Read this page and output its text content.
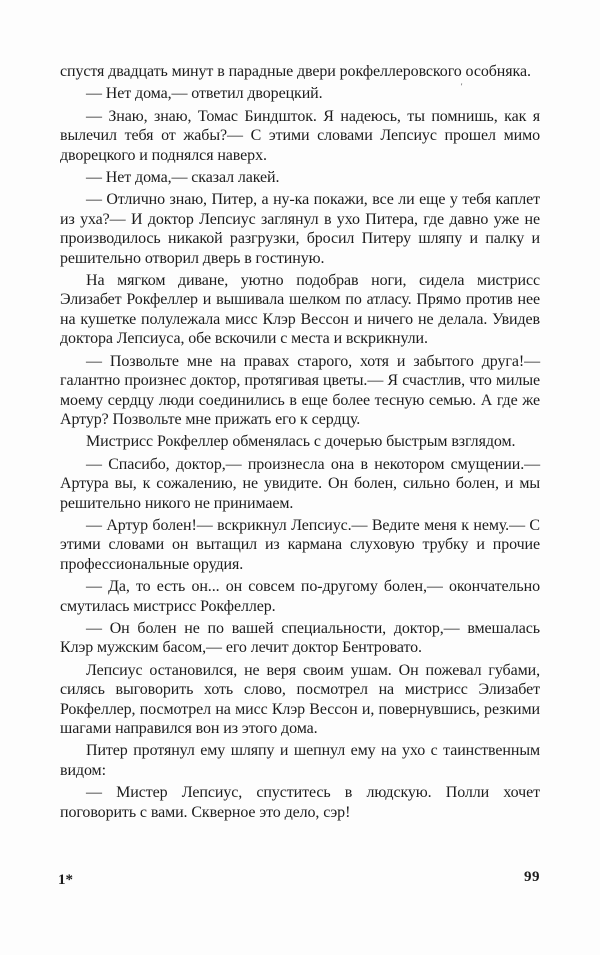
'

спустя двадцать минут в парадные двери рокфеллеровского особняка.

— Нет дома,— ответил дворецкий.

— Знаю, знаю, Томас Биндшток. Я надеюсь, ты помнишь, как я вылечил тебя от жабы?— С этими словами Лепсиус прошел мимо дворецкого и поднялся наверх.

— Нет дома,— сказал лакей.

— Отлично знаю, Питер, а ну-ка покажи, все ли еще у тебя каплет из уха?— И доктор Лепсиус заглянул в ухо Питера, где давно уже не производилось никакой разгрузки, бросил Питеру шляпу и палку и решительно отворил дверь в гостиную.

На мягком диване, уютно подобрав ноги, сидела мистрисс Элизабет Рокфеллер и вышивала шелком по атласу. Прямо против нее на кушетке полулежала мисс Клэр Вессон и ничего не делала. Увидев доктора Лепсиуса, обе вскочили с места и вскрикнули.

— Позвольте мне на правах старого, хотя и забытого друга!— галантно произнес доктор, протягивая цветы.— Я счастлив, что милые моему сердцу люди соединились в еще более тесную семью. А где же Артур? Позвольте мне прижать его к сердцу.

Мистрисс Рокфеллер обменялась с дочерью быстрым взглядом.

— Спасибо, доктор,— произнесла она в некотором смущении.— Артура вы, к сожалению, не увидите. Он болен, сильно болен, и мы решительно никого не принимаем.

— Артур болен!— вскрикнул Лепсиус.— Ведите меня к нему.— С этими словами он вытащил из кармана слуховую трубку и прочие профессиональные орудия.

— Да, то есть он... он совсем по-другому болен,— окончательно смутилась мистрисс Рокфеллер.

— Он болен не по вашей специальности, доктор,— вмешалась Клэр мужским басом,— его лечит доктор Бентровато.

Лепсиус остановился, не веря своим ушам. Он пожевал губами, силясь выговорить хоть слово, посмотрел на мистрисс Элизабет Рокфеллер, посмотрел на мисс Клэр Вессон и, повернувшись, резкими шагами направился вон из этого дома.

Питер протянул ему шляпу и шепнул ему на ухо с таинственным видом:

— Мистер Лепсиус, спуститесь в людскую. Полли хочет поговорить с вами. Скверное это дело, сэр!

1*	99
